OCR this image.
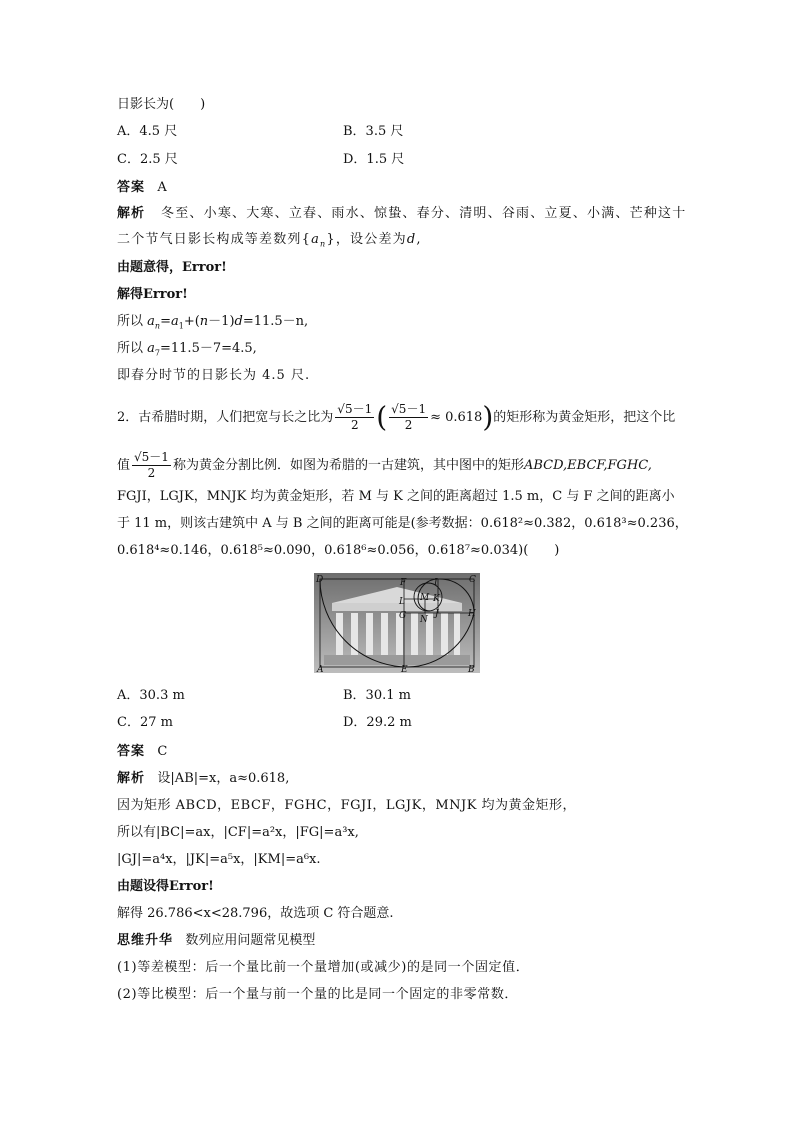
日影长为(　　)
A．4.5 尺	B．3.5 尺
C．2.5 尺	D．1.5 尺
答案 A
解析 冬至、小寒、大寒、立春、雨水、惊蛰、春分、清明、谷雨、立夏、小满、芒种这十
二个节气日影长构成等差数列$\{a_n\}$，设公差为d,
由题意得，Error!
解得Error!
所以 $a_n=a_1+(n-1)d=11.5-n$,
所以 $a_7=11.5-7=4.5$,
即春分时节的日影长为 4.5 尺.
2．古希腊时期，人们把宽与长之比为 $\frac{√5-1}{2}$ ( $\frac{√5-1}{2} \approx 0.618$)的矩形称为黄金矩形，把这个比
值 $\frac{√5-1}{2}$ 称为黄金分割比例．如图为希腊的一古建筑，其中图中的矩形ABCD,EBCF,FGHC,
FGJI，LGJK，MNJK 均为黄金矩形，若 M 与 K 之间的距离超过 1.5 m，C 与 F 之间的距离小
于 11 m，则该古建筑中 A 与 B 之间的距离可能是(参考数据：0.618²≈0.382，0.618³≈0.236，
0.618⁴≈0.146，0.618⁵≈0.090，0.618⁶≈0.056，0.618⁷≈0.034)(　　)
D	F	I	C
M K
L
H
G N
J
A	E	B
A．30.3 m	B．30.1 m
C．27 m	D．29.2 m
答案 C
解析 设|AB|=x，a≈0.618,
因为矩形 ABCD，EBCF，FGHC，FGJI，LGJK，MNJK 均为黄金矩形，
所以有|BC|=ax，|CF|=a²x，|FG|=a³x,
|GJ|=a⁴x，|JK|=a⁵x，|KM|=a⁶x.
由题设得Error!
解得 26.786<x<28.796，故选项 C 符合题意.
思维升华 数列应用问题常见模型
(1)等差模型：后一个量比前一个量增加(或减少)的是同一个固定值．
(2)等比模型：后一个量与前一个量的比是同一个固定的非零常数．
